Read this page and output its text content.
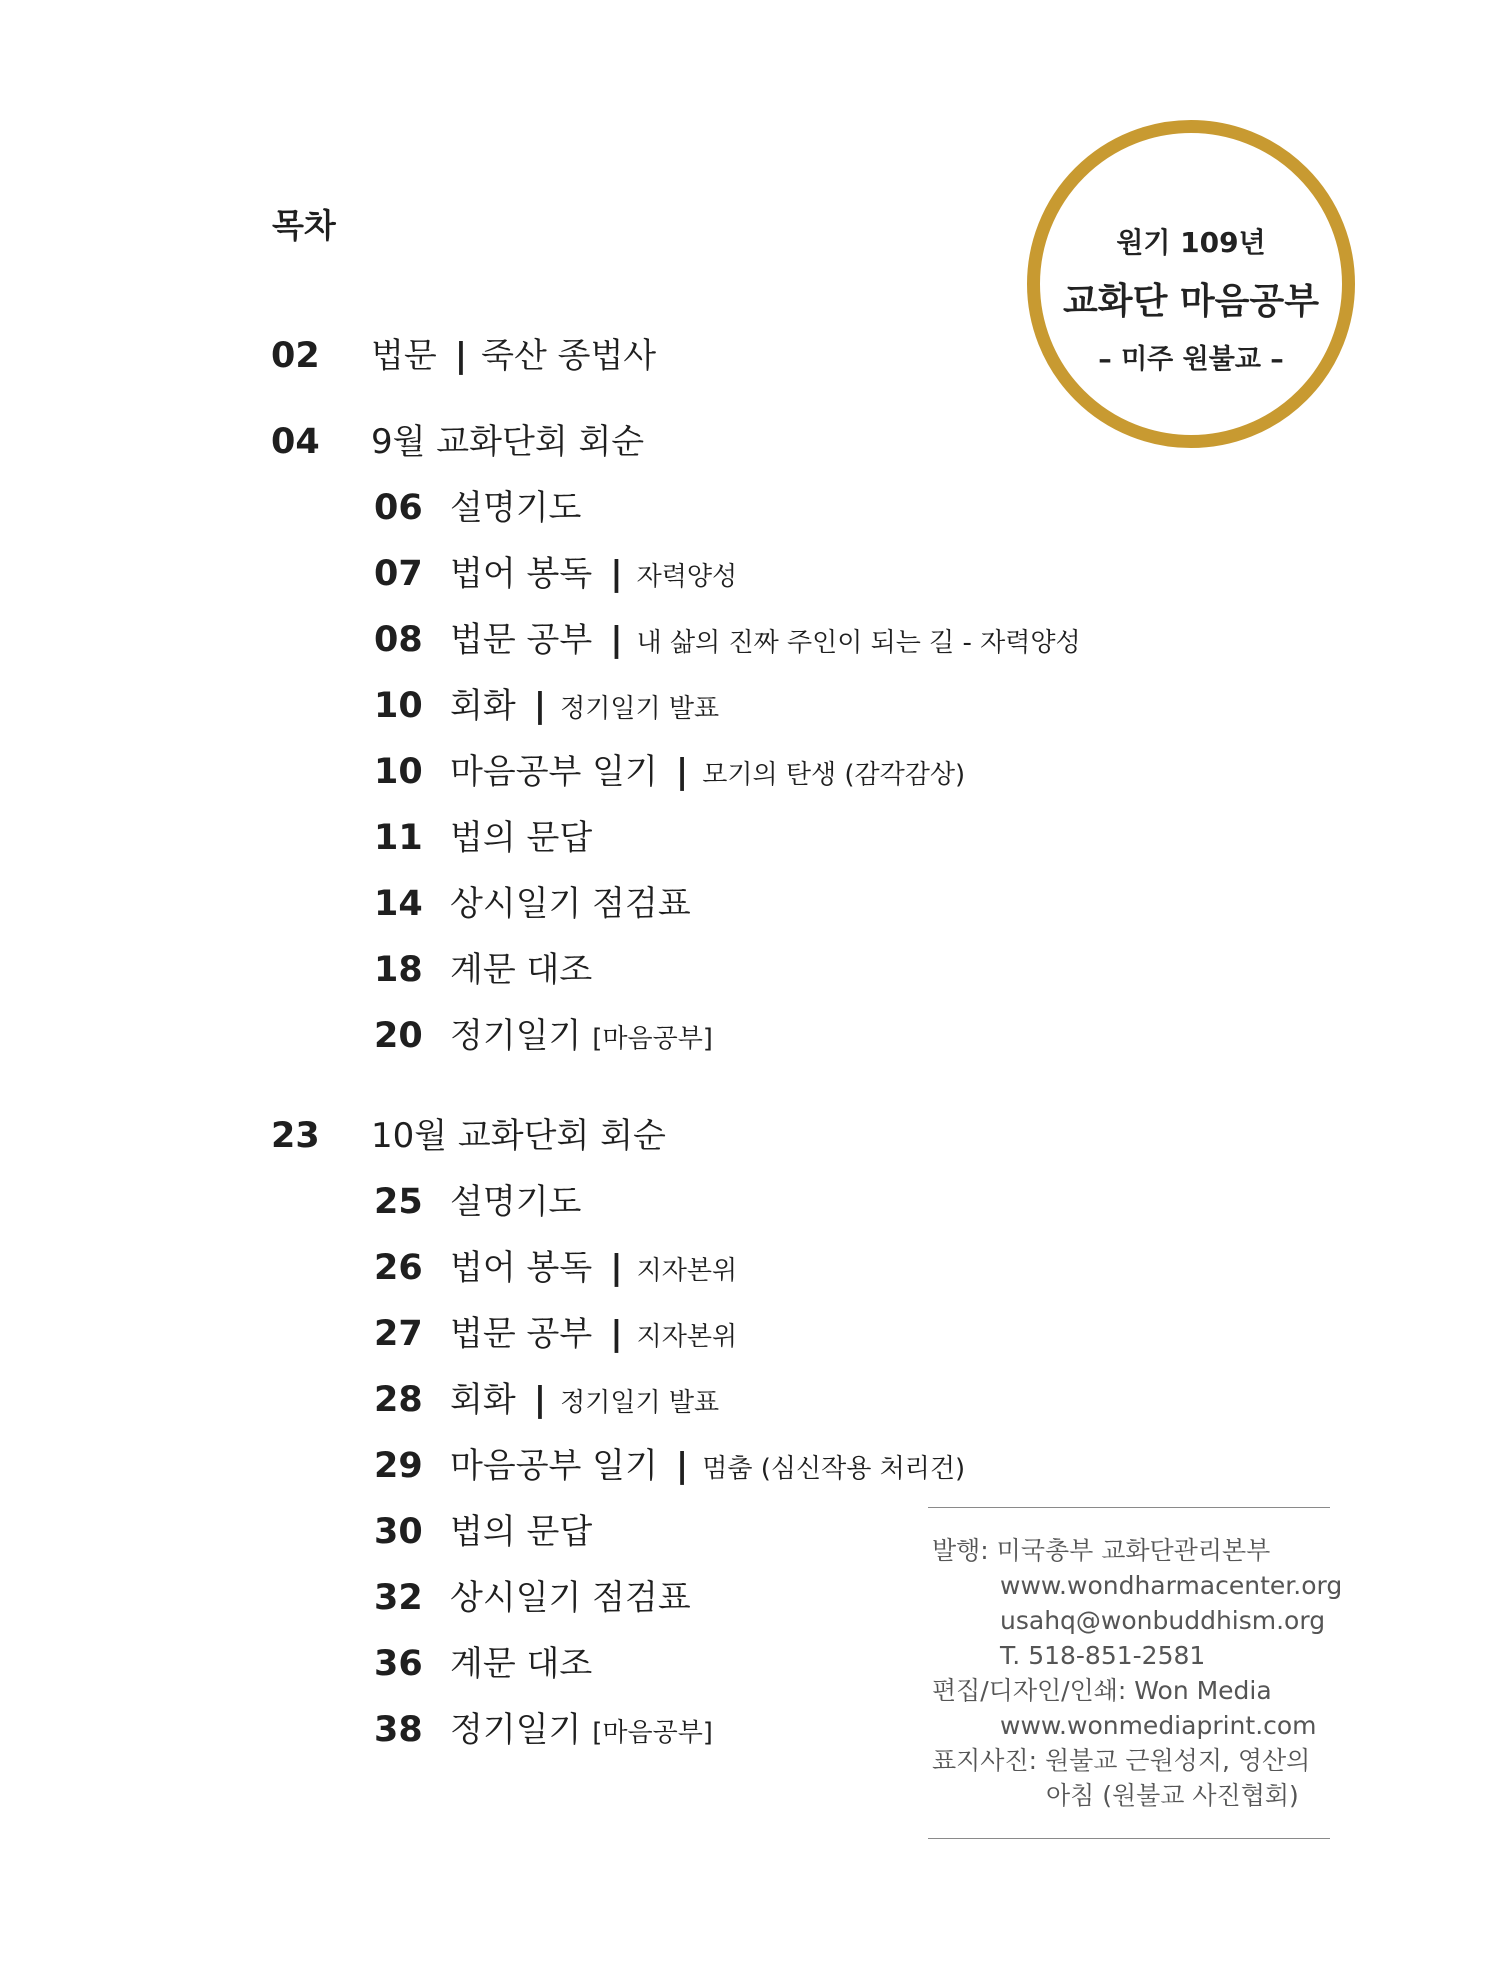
목차	원기 109년
교화단 마음공부
– 미주 원불교 –
02 법문 | 죽산 종법사
04 9월 교화단회 회순
06 설명기도
07 법어 봉독 | 자력양성
08 법문 공부 | 내 삶의 진짜 주인이 되는 길 - 자력양성
10 회화 | 정기일기 발표
10 마음공부 일기 | 모기의 탄생 (감각감상)
11 법의 문답
14 상시일기 점검표
18 계문 대조
20 정기일기 [마음공부]
23 10월 교화단회 회순
25 설명기도
26 법어 봉독 | 지자본위
27 법문 공부 | 지자본위
28 회화 | 정기일기 발표
29 마음공부 일기 | 멈춤 (심신작용 처리건)
30 법의 문답
32 상시일기 점검표
36 계문 대조
38 정기일기 [마음공부]
발행: 미국총부 교화단관리본부
www.wondharmacenter.org
usahq@wonbuddhism.org
T. 518-851-2581
편집/디자인/인쇄: Won Media
www.wonmediaprint.com
표지사진: 원불교 근원성지, 영산의
아침 (원불교 사진협회)
